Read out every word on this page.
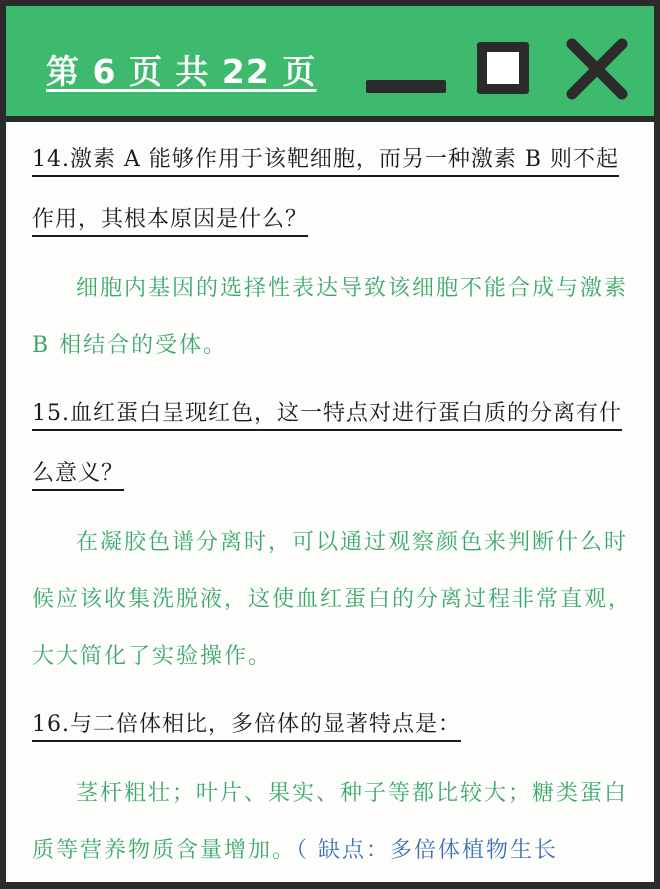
第 6 页 共 22 页
14.激素 A 能够作用于该靶细胞，而另一种激素 B 则不起作用，其根本原因是什么？
细胞内基因的选择性表达导致该细胞不能合成与激素 B 相结合的受体。
15.血红蛋白呈现红色，这一特点对进行蛋白质的分离有什么意义？
在凝胶色谱分离时，可以通过观察颜色来判断什么时候应该收集洗脱液，这使血红蛋白的分离过程非常直观，大大简化了实验操作。
16.与二倍体相比，多倍体的显著特点是：
茎杆粗壮；叶片、果实、种子等都比较大；糖类蛋白质等营养物质含量增加。（ 缺点：多倍体植物生长
